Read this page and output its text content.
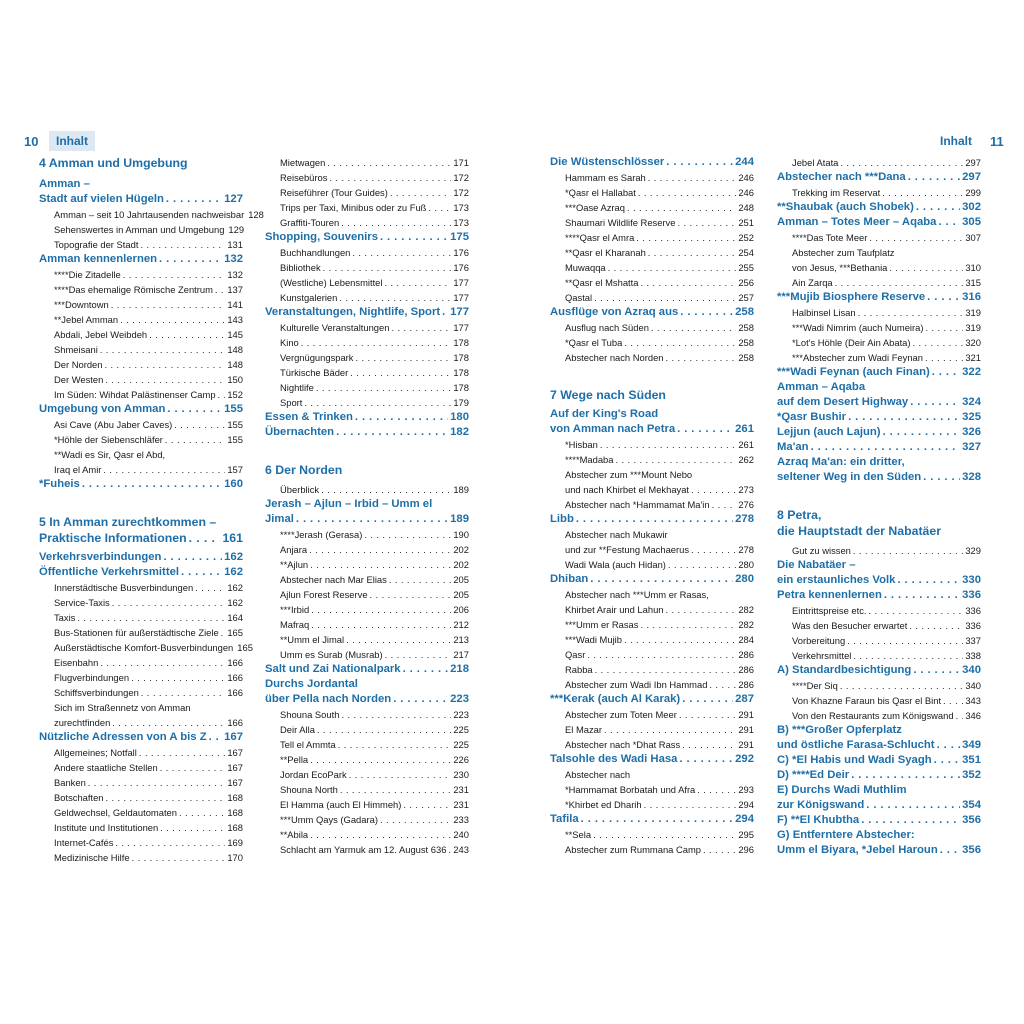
10	Inhalt	Inhalt	11
4 Amman und Umgebung
Amman –
Stadt auf vielen Hügeln . . .	127
Amman – seit 10 Jahrtausenden nachweisbar 128
Sehenswertes in Amman und Umgebung 129
Topografie der Stadt . . .	131
Amman kennenlernen . . .	132
****Die Zitadelle . . .	132
****Das ehemalige Römische Zentrum . . . 137
***Downtown . . .	141
**Jebel Amman . . .	143
Abdali, Jebel Weibdeh . . .	145
Shmeisani . . .	148
Der Norden . . .	148
Der Westen . . .	150
Im Süden: Wihdat Palästinenser Camp . . . 152
Umgebung von Amman . . .	155
Asi Cave (Abu Jaber Caves) . . .	155
*Höhle der Siebenschläfer . . .	155
**Wadi es Sir, Qasr el Abd,
Iraq el Amir . . .	157
*Fuheis . . .	160
5 In Amman zurechtkommen –
Praktische Informationen . . .	161
Verkehrsverbindungen . . .	162
Öffentliche Verkehrsmittel . . .	162
Innerstädtische Busverbindungen . . .	162
Service-Taxis . . .	162
Taxis . . .	164
Bus-Stationen für außerstädtische Ziele . . . 165
Außerstädtische Komfort-Busverbindungen 165
Eisenbahn . . .	166
Flugverbindungen . . .	166
Schiffsverbindungen . . .	166
Sich im Straßennetz von Amman
zurechtfinden . . .	166
Nützliche Adressen von A bis Z . . . 167
Allgemeines; Notfall . . .	167
Andere staatliche Stellen . . .	167
Banken . . .	167
Botschaften . . .	168
Geldwechsel, Geldautomaten . . .	168
Institute und Institutionen . . .	168
Internet-Cafés . . .	169
Medizinische Hilfe . . .	170
Mietwagen . . .	171
Reisebüros . . .	172
Reiseführer (Tour Guides) . . .	172
Trips per Taxi, Minibus oder zu Fuß . . .	173
Graffiti-Touren . . .	173
Shopping, Souvenirs . . .	175
Buchhandlungen . . .	176
Bibliothek . . .	176
(Westliche) Lebensmittel . . .	177
Kunstgalerien . . .	177
Veranstaltungen, Nightlife, Sport . . . 177
Kulturelle Veranstaltungen . . .	177
Kino . . .	178
Vergnügungspark . . .	178
Türkische Bäder . . .	178
Nightlife . . .	178
Sport . . .	179
Essen & Trinken . . .	180
Übernachten . . .	182
6 Der Norden
Überblick . . .	189
Jerash – Ajlun – Irbid – Umm el
Jimal . . .	189
****Jerash (Gerasa) . . .	190
Anjara . . .	202
**Ajlun . . .	202
Abstecher nach Mar Elias . . .	205
Ajlun Forest Reserve . . .	205
***Irbid . . .	206
Mafraq . . .	212
**Umm el Jimal . . .	213
Umm es Surab (Musrab) . . .	217
Salt und Zai Nationalpark . . .	218
Durchs Jordantal
über Pella nach Norden . . .	223
Shouna South . . .	223
Deir Alla . . .	225
Tell el Ammta . . .	225
**Pella . . .	226
Jordan EcoPark . . .	230
Shouna North . . .	231
El Hamma (auch El Himmeh) . . .	231
***Umm Qays (Gadara) . . .	233
**Abila . . .	240
Schlacht am Yarmuk am 12. August 636 . . . 243
Die Wüstenschlösser . . .	244
Hammam es Sarah . . .	246
*Qasr el Hallabat . . .	246
***Oase Azraq . . .	248
Shaumari Wildlife Reserve . . .	251
****Qasr el Amra . . .	252
**Qasr el Kharanah . . .	254
Muwaqqa . . .	255
**Qasr el Mshatta . . .	256
Qastal . . .	257
Ausflüge von Azraq aus . . .	258
Ausflug nach Süden . . .	258
*Qasr el Tuba . . .	258
Abstecher nach Norden . . .	258
7 Wege nach Süden
Auf der King's Road
von Amman nach Petra . . .	261
*Hisban . . .	261
****Madaba . . .	262
Abstecher zum ***Mount Nebo
und nach Khirbet el Mekhayat . . .	273
Abstecher nach *Hammamat Ma'in . . .	276
Libb . . .	278
Abstecher nach Mukawir
und zur **Festung Machaerus . . .	278
Wadi Wala (auch Hidan) . . .	280
Dhiban . . .	280
Abstecher nach ***Umm er Rasas,
Khirbet Arair und Lahun . . .	282
***Umm er Rasas . . .	282
***Wadi Mujib . . .	284
Qasr . . .	286
Rabba . . .	286
Abstecher zum Wadi Ibn Hammad . . .	286
***Kerak (auch Al Karak) . . .	287
Abstecher zum Toten Meer . . .	291
El Mazar . . .	291
Abstecher nach *Dhat Rass . . .	291
Talsohle des Wadi Hasa . . .	292
Abstecher nach
*Hammamat Borbatah und Afra . . .	293
*Khirbet ed Dharih . . .	294
Tafila . . .	294
**Sela . . .	295
Abstecher zum Rummana Camp . . .	296
Jebel Atata . . .	297
Abstecher nach ***Dana . . .	297
Trekking im Reservat . . .	299
**Shaubak (auch Shobek) . . .	302
Amman – Totes Meer – Aqaba . . . 305
****Das Tote Meer . . .	307
Abstecher zum Taufplatz
von Jesus, ***Bethania . . .	310
Ain Zarqa . . .	315
***Mujib Biosphere Reserve . . .	316
Halbinsel Lisan . . .	319
***Wadi Nimrim (auch Numeira) . . .	319
*Lot's Höhle (Deir Ain Abata) . . .	320
***Abstecher zum Wadi Feynan . . .	321
***Wadi Feynan (auch Finan) . . .	322
Amman – Aqaba
auf dem Desert Highway . . .	324
*Qasr Bushir . . .	325
Lejjun (auch Lajun) . . .	326
Ma'an . . .	327
Azraq Ma'an: ein dritter,
seltener Weg in den Süden . . .	328
8 Petra,
die Hauptstadt der Nabatäer
Gut zu wissen . . .	329
Die Nabatäer –
ein erstaunliches Volk . . .	330
Petra kennenlernen . . .	336
Eintrittspreise etc. . . .	336
Was den Besucher erwartet . . .	336
Vorbereitung . . .	337
Verkehrsmittel . . .	338
A) Standardbesichtigung . . .	340
****Der Siq . . .	340
Von Khazne Faraun bis Qasr el Bint . . .	343
Von den Restaurants zum Königswand . . . 346
B) ***Großer Opferplatz
und östliche Farasa-Schlucht . . . 349
C) *El Habis und Wadi Syagh . . .	351
D) ****Ed Deir . . .	352
E) Durchs Wadi Muthlim
zur Königswand . . .	354
F) **El Khubtha . . .	356
G) Entferntere Abstecher:
Umm el Biyara, *Jebel Haroun . . . 356
